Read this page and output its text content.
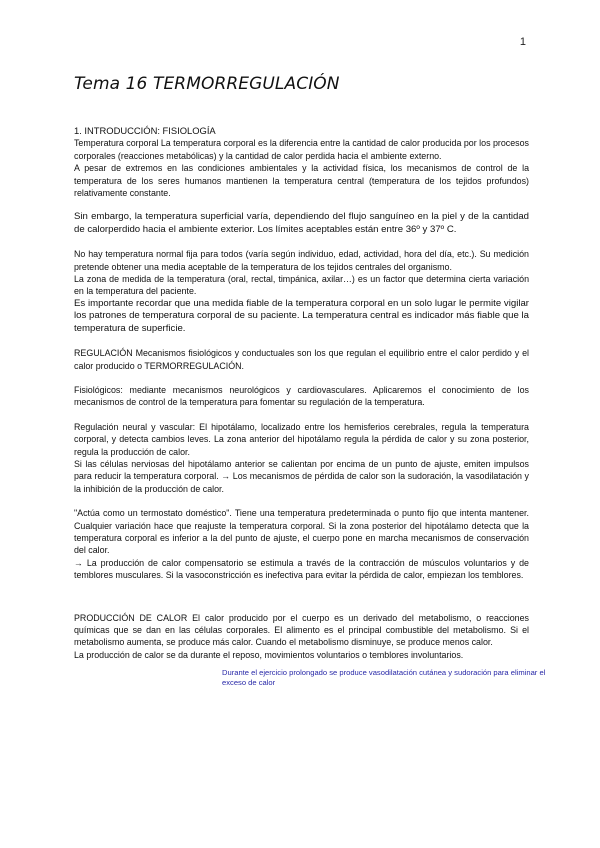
1
Tema 16 TERMORREGULACIÓN

1. INTRODUCCIÓN: FISIOLOGÍA

Temperatura corporal La temperatura corporal es la diferencia entre la cantidad de calor producida por los procesos corporales (reacciones metabólicas) y la cantidad de calor perdida hacia el ambiente externo.

A pesar de extremos en las condiciones ambientales y la actividad física, los mecanismos de control de la temperatura de los seres humanos mantienen la temperatura central (temperatura de los tejidos profundos) relativamente constante.

Sin embargo, la temperatura superficial varía, dependiendo del flujo sanguíneo en la piel y de la cantidad de calorperdido hacia el ambiente exterior. Los límites aceptables están entre 36º y 37º C.

No hay temperatura normal fija para todos (varía según individuo, edad, actividad, hora del día, etc.). Su medición pretende obtener una media aceptable de la temperatura de los tejidos centrales del organismo.

La zona de medida de la temperatura (oral, rectal, timpánica, axilar…) es un factor que determina cierta variación en la temperatura del paciente.

Es importante recordar que una medida fiable de la temperatura corporal en un solo lugar le permite vigilar los patrones de temperatura corporal de su paciente. La temperatura central es indicador más fiable que la temperatura de superficie.

REGULACIÓN Mecanismos fisiológicos y conductuales son los que regulan el equilibrio entre el calor perdido y el calor producido o TERMORREGULACIÓN.

Fisiológicos: mediante mecanismos neurológicos y cardiovasculares. Aplicaremos el conocimiento de los mecanismos de control de la temperatura para fomentar su regulación de la temperatura.

Regulación neural y vascular: El hipotálamo, localizado entre los hemisferios cerebrales, regula la temperatura corporal, y detecta cambios leves. La zona anterior del hipotálamo regula la pérdida de calor y su zona posterior, regula la producción de calor.

Si las células nerviosas del hipotálamo anterior se calientan por encima de un punto de ajuste, emiten impulsos para reducir la temperatura corporal. → Los mecanismos de pérdida de calor son la sudoración, la vasodilatación y la inhibición de la producción de calor.

"Actúa como un termostato doméstico". Tiene una temperatura predeterminada o punto fijo que intenta mantener. Cualquier variación hace que reajuste la temperatura corporal. Si la zona posterior del hipotálamo detecta que la temperatura corporal es inferior a la del punto de ajuste, el cuerpo pone en marcha mecanismos de conservación del calor.

→ La producción de calor compensatorio se estimula a través de la contracción de músculos voluntarios y de temblores musculares. Si la vasoconstricción es inefectiva para evitar la pérdida de calor, empiezan los temblores.

PRODUCCIÓN DE CALOR El calor producido por el cuerpo es un derivado del metabolismo, o reacciones químicas que se dan en las células corporales. El alimento es el principal combustible del metabolismo. Si el metabolismo aumenta, se produce más calor. Cuando el metabolismo disminuye, se produce menos calor.

La producción de calor se da durante el reposo, movimientos voluntarios o temblores involuntarios.

Durante el ejercicio prolongado se produce vasodilatación cutánea y sudoración para eliminar el exceso de calor
